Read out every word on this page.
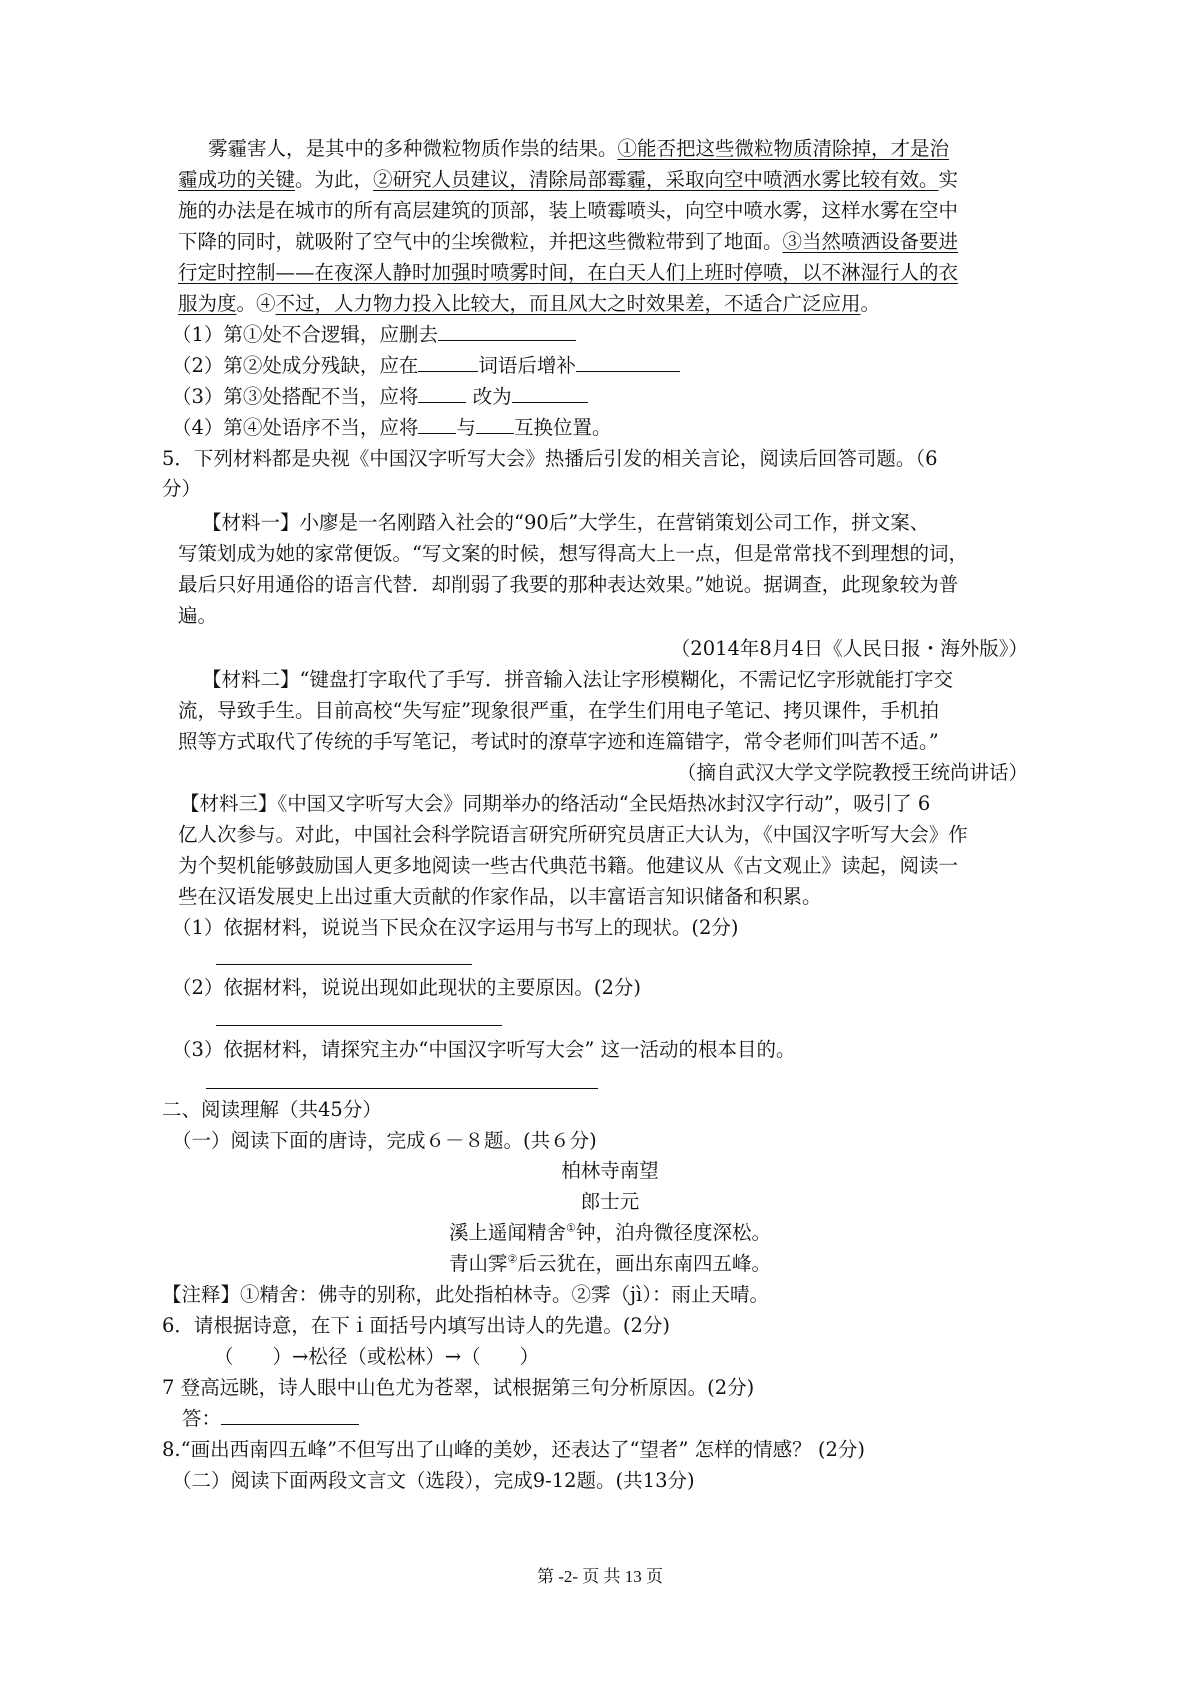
雾霾害人，是其中的多种微粒物质作祟的结果。①能否把这些微粒物质清除掉，才是治
霾成功的关键。为此，②研究人员建议，清除局部霉霾，采取向空中喷洒水雾比较有效。实
施的办法是在城市的所有高层建筑的顶部，装上喷霉喷头，向空中喷水雾，这样水雾在空中
下降的同时，就吸附了空气中的尘埃微粒，并把这些微粒带到了地面。③当然喷洒设备要进
行定时控制——在夜深人静时加强时喷雾时间，在白天人们上班时停喷，以不淋湿行人的衣
服为度。④不过，人力物力投入比较大，而且风大之时效果差，不适合广泛应用。
（1）第①处不合逻辑，应删去
（2）第②处成分残缺，应在	词语后增补
（3）第③处搭配不当，应将 改为
（4）第④处语序不当，应将 与 互换位置。
5．下列材料都是央视《中国汉字听写大会》热播后引发的相关言论，阅读后回答司题。（6
分）
【材料一】小廖是一名刚踏入社会的“90后”大学生，在营销策划公司工作，拼文案、
写策划成为她的家常便饭。“写文案的时候，想写得高大上一点，但是常常找不到理想的词，
最后只好用通俗的语言代替．却削弱了我要的那种表达效果。”她说。据调查，此现象较为普
遍。
（2014年8月4日《人民日报・海外版》）
【材料二】“键盘打字取代了手写．拼音输入法让字形模糊化，不需记忆字形就能打字交
流，导致手生。目前高校“失写症”现象很严重，在学生们用电子笔记、拷贝课件，手机拍
照等方式取代了传统的手写笔记，考试时的潦草字迹和连篇错字，常令老师们叫苦不适。”
（摘自武汉大学文学院教授王统尚讲话）
【材料三】《中国又字听写大会》同期举办的络活动“全民焐热冰封汉字行动”，吸引了 6
亿人次参与。对此，中国社会科学院语言研究所研究员唐正大认为，《中国汉字听写大会》作
为个契机能够鼓励国人更多地阅读一些古代典范书籍。他建议从《古文观止》读起，阅读一
些在汉语发展史上出过重大贡献的作家作品，以丰富语言知识储备和积累。
（1）依据材料，说说当下民众在汉字运用与书写上的现状。(2分)
（2）依据材料，说说出现如此现状的主要原因。(2分)
（3）依据材料，请探究主办“中国汉字听写大会” 这一活动的根本目的。
二、阅读理解（共45分）
（一）阅读下面的唐诗，完成６－８题。(共６分)
柏林寺南望
郎士元
溪上遥闻精舍①钟，泊舟微径度深松。
青山霁②后云犹在，画出东南四五峰。
【注释】①精舍：佛寺的别称，此处指柏林寺。②霁（jì）：雨止天晴。
6．请根据诗意，在下ｉ面括号内填写出诗人的先遣。(2分)
（　　）→松径（或松林）→（　　）
7 登高远眺，诗人眼中山色尤为苍翠，试根据第三句分析原因。(2分)
答：
8.“画出西南四五峰”不但写出了山峰的美妙，还表达了“望者” 怎样的情感？ (2分)
（二）阅读下面两段文言文（选段），完成9-12题。(共13分)
第 -2- 页 共 13 页
